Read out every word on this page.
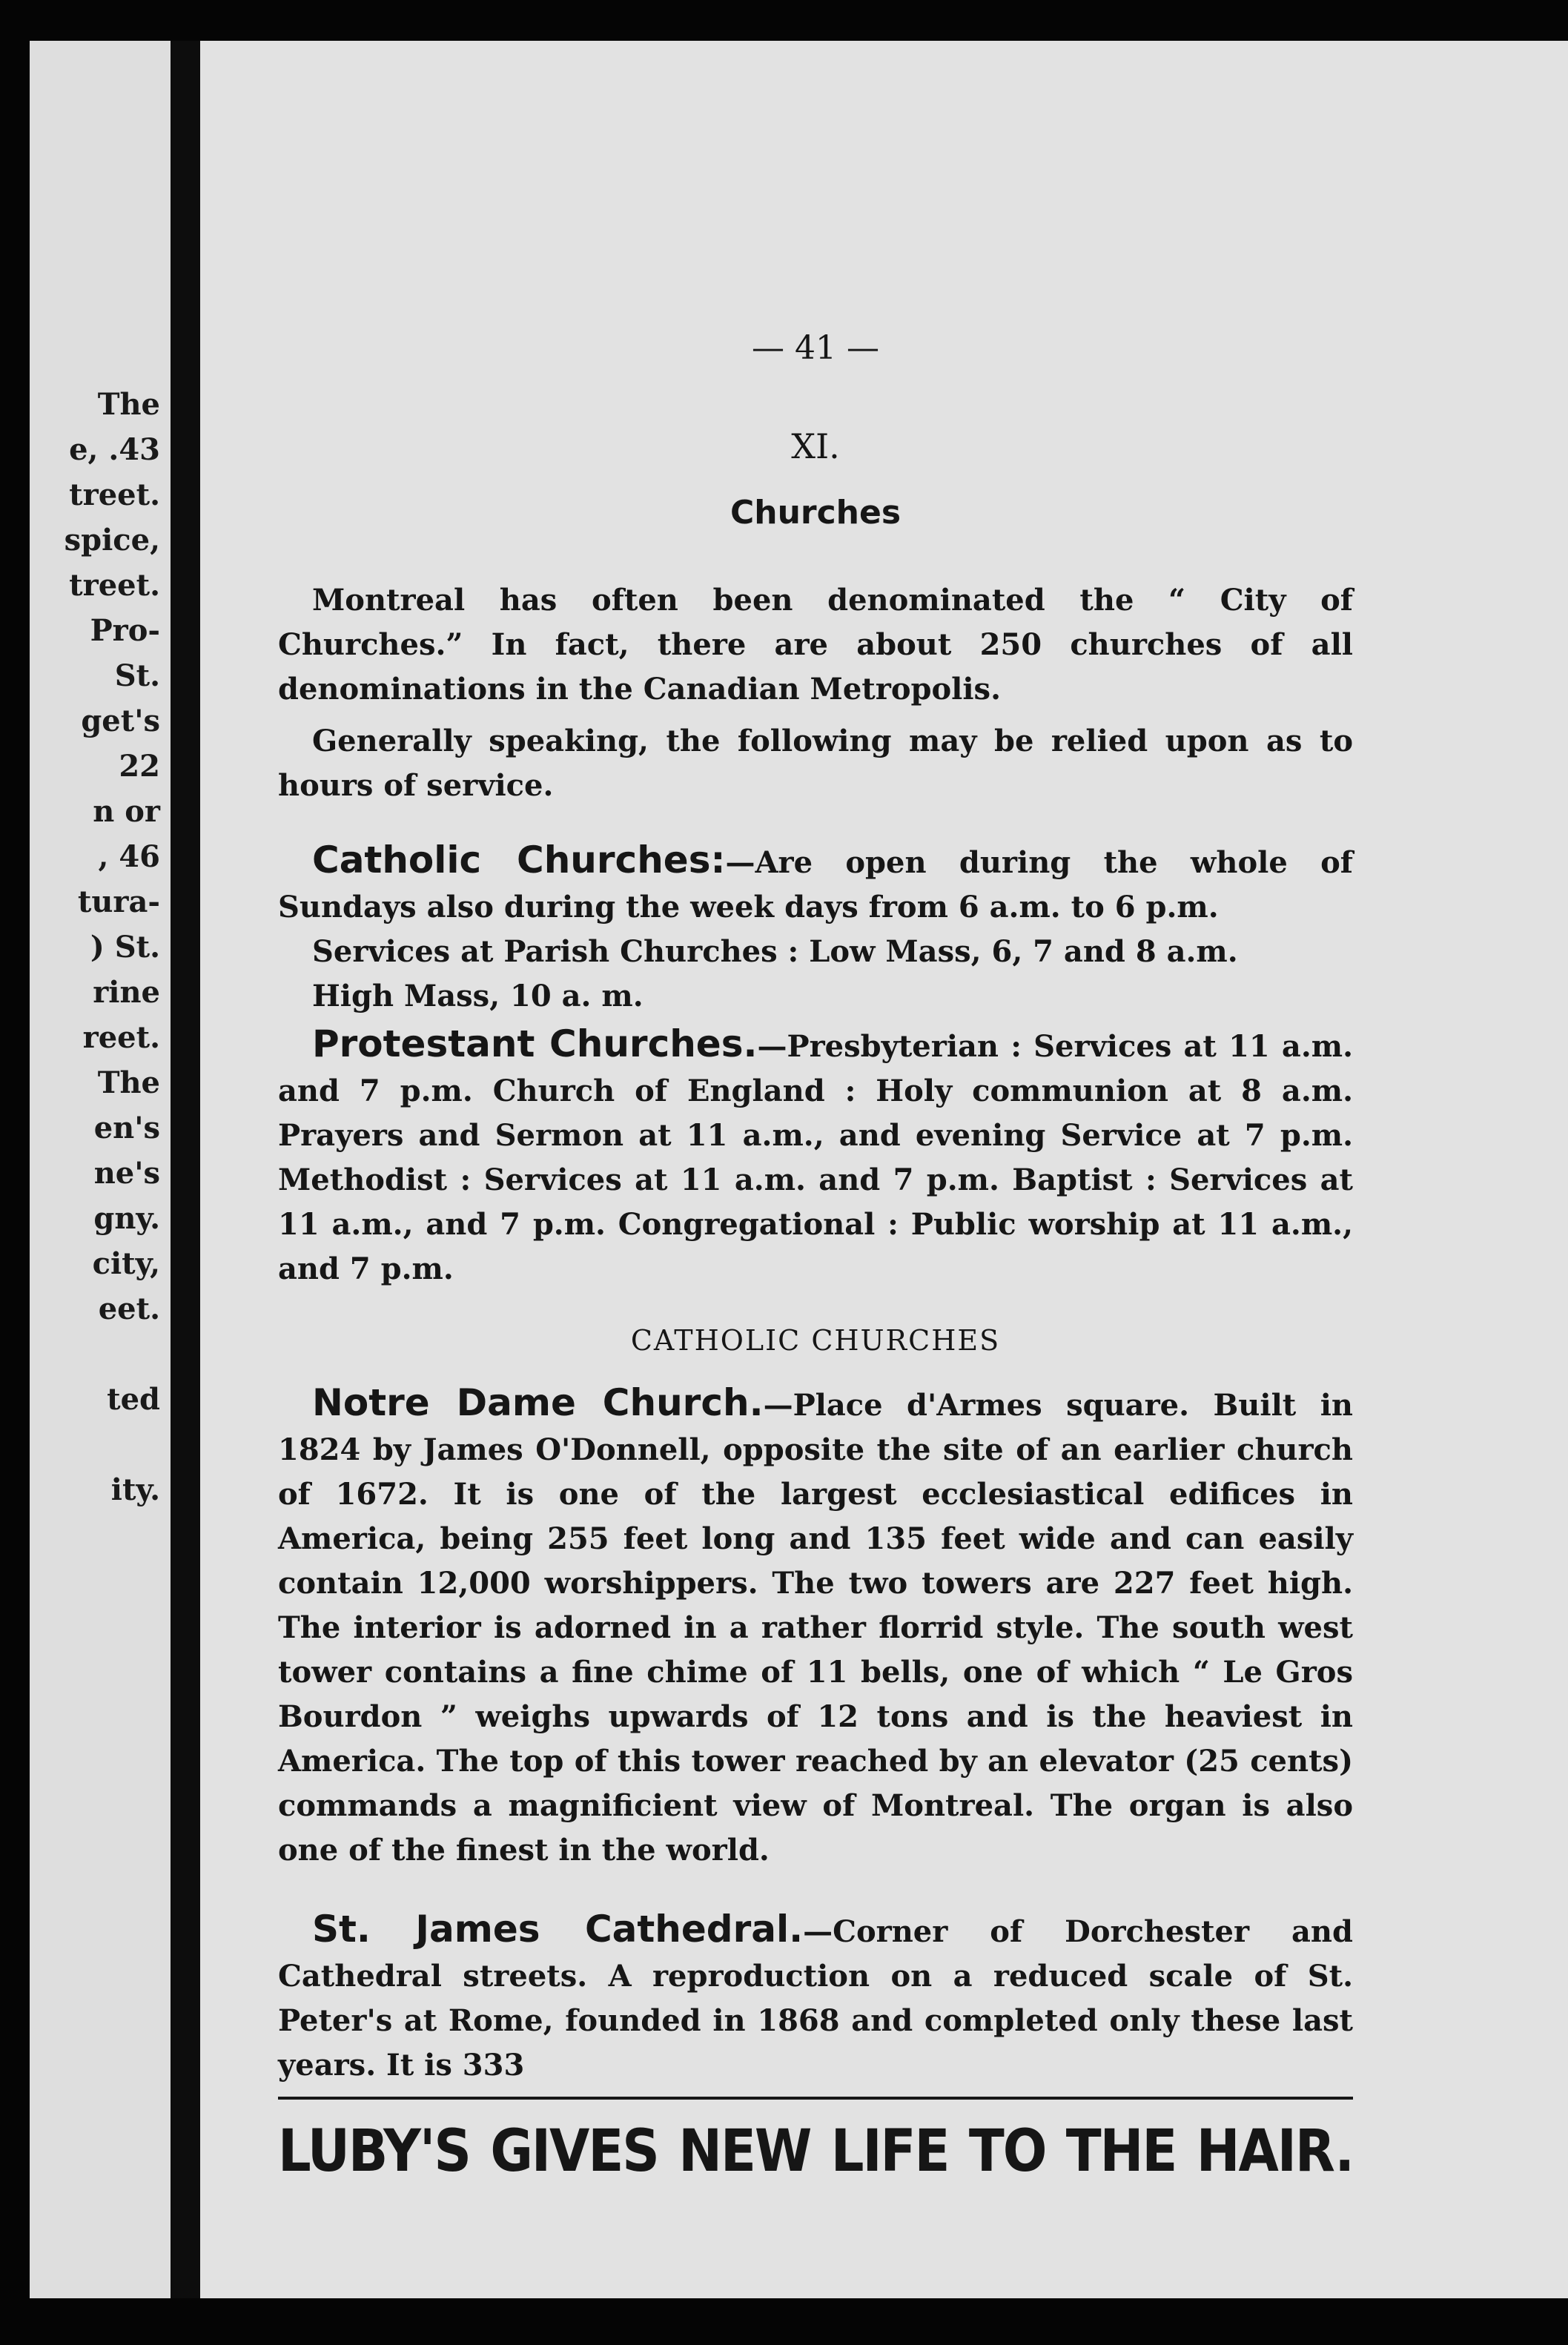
The
e, .43
treet.
spice,
treet.
Pro-
St.
get's
22
n or
, 46
tura-
) St.
rine
reet.
The
en's
ne's
gny.
city,
eet.
ted
ity.
— 41 —
XI.
Churches

Montreal has often been denominated the “ City of Churches.” In fact, there are about 250 churches of all denominations in the Canadian Metropolis.

Generally speaking, the following may be relied upon as to hours of service.

Catholic Churches:—Are open during the whole of Sundays also during the week days from 6 a.m. to 6 p.m.

Services at Parish Churches : Low Mass, 6, 7 and 8 a.m.
High Mass, 10 a. m.

Protestant Churches.—Presbyterian : Services at 11 a.m. and 7 p.m. Church of England : Holy communion at 8 a.m. Prayers and Sermon at 11 a.m., and evening Service at 7 p.m. Methodist : Services at 11 a.m. and 7 p.m. Baptist : Services at 11 a.m., and 7 p.m. Congregational : Public worship at 11 a.m., and 7 p.m.

CATHOLIC CHURCHES

Notre Dame Church.—Place d'Armes square. Built in 1824 by James O'Donnell, opposite the site of an earlier church of 1672. It is one of the largest ecclesiastical edifices in America, being 255 feet long and 135 feet wide and can easily contain 12,000 worshippers. The two towers are 227 feet high. The interior is adorned in a rather florrid style. The south west tower contains a fine chime of 11 bells, one of which “ Le Gros Bourdon ” weighs upwards of 12 tons and is the heaviest in America. The top of this tower reached by an elevator (25 cents) commands a magnificient view of Montreal. The organ is also one of the finest in the world.

St. James Cathedral.—Corner of Dorchester and Cathedral streets. A reproduction on a reduced scale of St. Peter's at Rome, founded in 1868 and completed only these last years. It is 333

LUBY'S GIVES NEW LIFE TO THE HAIR.
